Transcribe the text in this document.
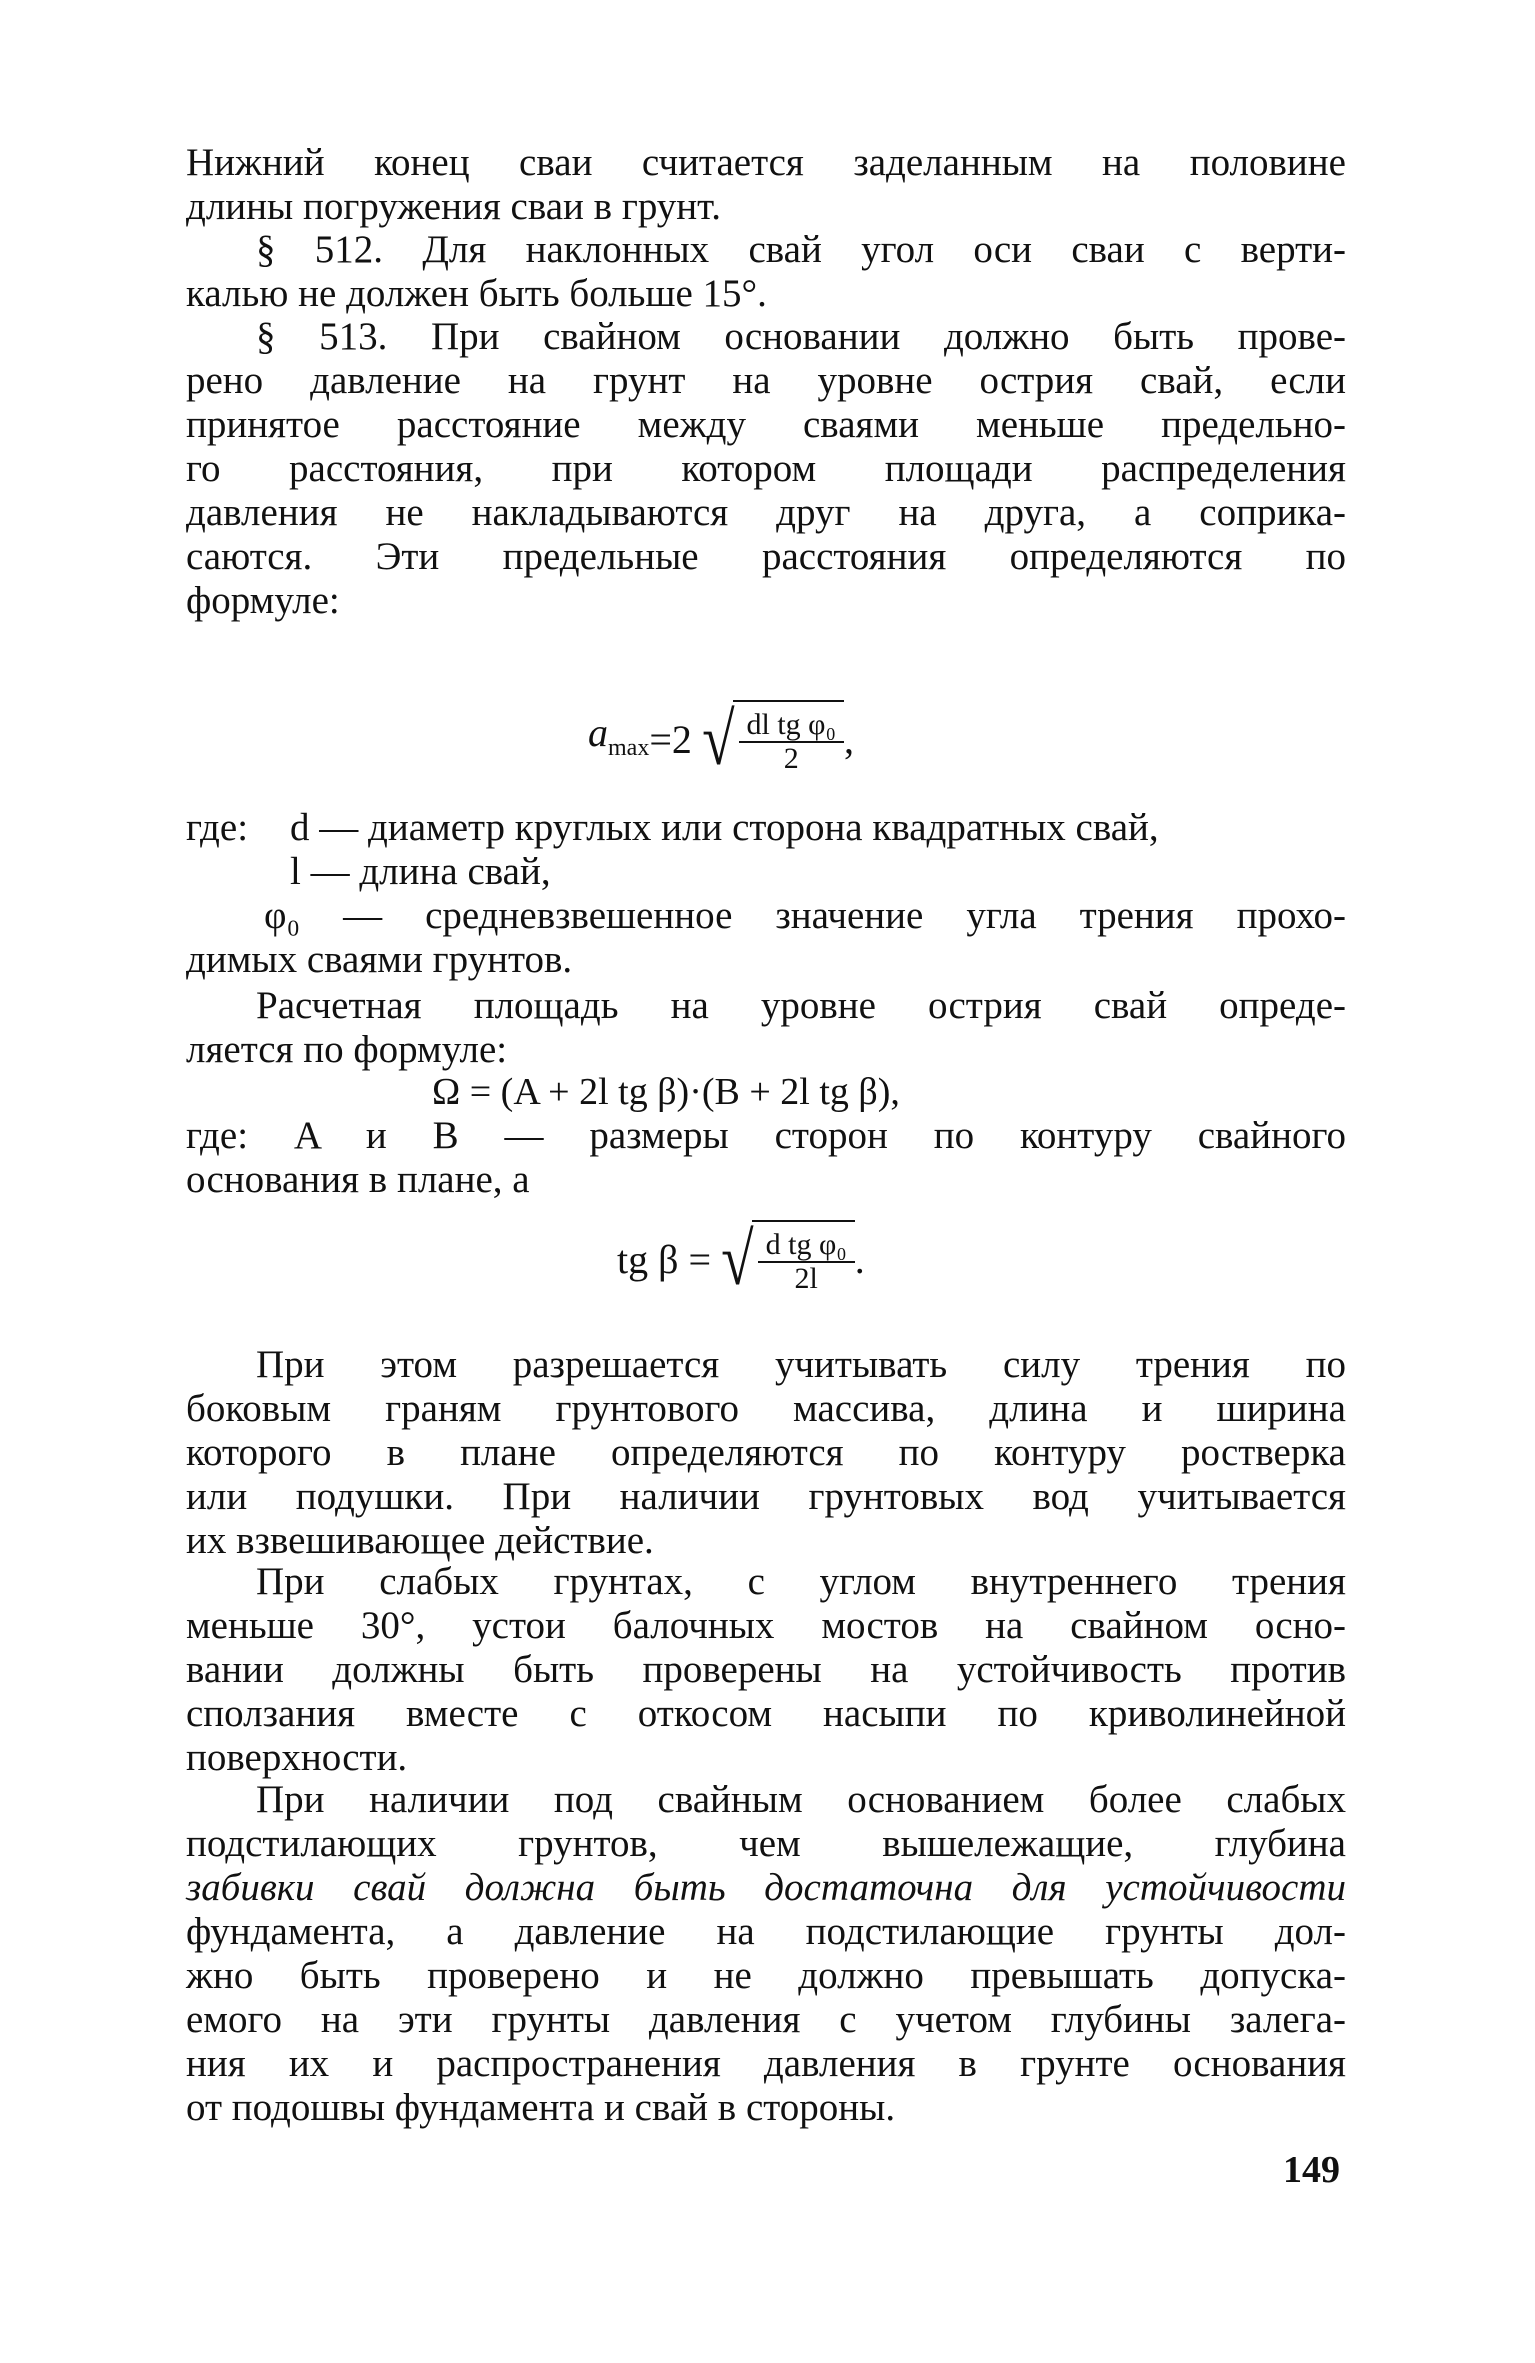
Нижний конец сваи считается заделанным на половине
длины погружения сваи в грунт.
§ 512. Для наклонных свай угол оси сваи с верти-
калью не должен быть больше 15°.
§ 513. При свайном основании должно быть прове-
рено давление на грунт на уровне острия свай, если
принятое расстояние между сваями меньше предельно-
го расстояния, при котором площади распределения
давления не накладываются друг на друга, а соприка-
саются. Эти предельные расстояния определяются по
формуле:
$a_{max} =2$ √ $\frac{\text{dl tg φ₀}}{2}$ ,
где: d — диаметр круглых или сторона квадратных свай,
l — длина свай,
φ₀ — средневзвешенное значение угла трения прохо-
димых сваями грунтов.
Расчетная площадь на уровне острия свай опреде-
ляется по формуле:
Ω = (A + 2l tg β)·(B + 2l tg β),
где: A и B — размеры сторон по контуру свайного
основания в плане, а
tg β = √ $\frac{\text{d tg φ₀}}{2l}$ .
При этом разрешается учитывать силу трения по
боковым граням грунтового массива, длина и ширина
которого в плане определяются по контуру ростверка
или подушки. При наличии грунтовых вод учитывается
их взвешивающее действие.
При слабых грунтах, с углом внутреннего трения
меньше 30°, устои балочных мостов на свайном осно-
вании должны быть проверены на устойчивость против
сползания вместе с откосом насыпи по криволинейной
поверхности.
При наличии под свайным основанием более слабых
подстилающих грунтов, чем вышележащие, глубина
забивки свай должна быть достаточна для устойчивости
фундамента, а давление на подстилающие грунты дол-
жно быть проверено и не должно превышать допуска-
емого на эти грунты давления с учетом глубины залега-
ния их и распространения давления в грунте основания
от подошвы фундамента и свай в стороны.
149
